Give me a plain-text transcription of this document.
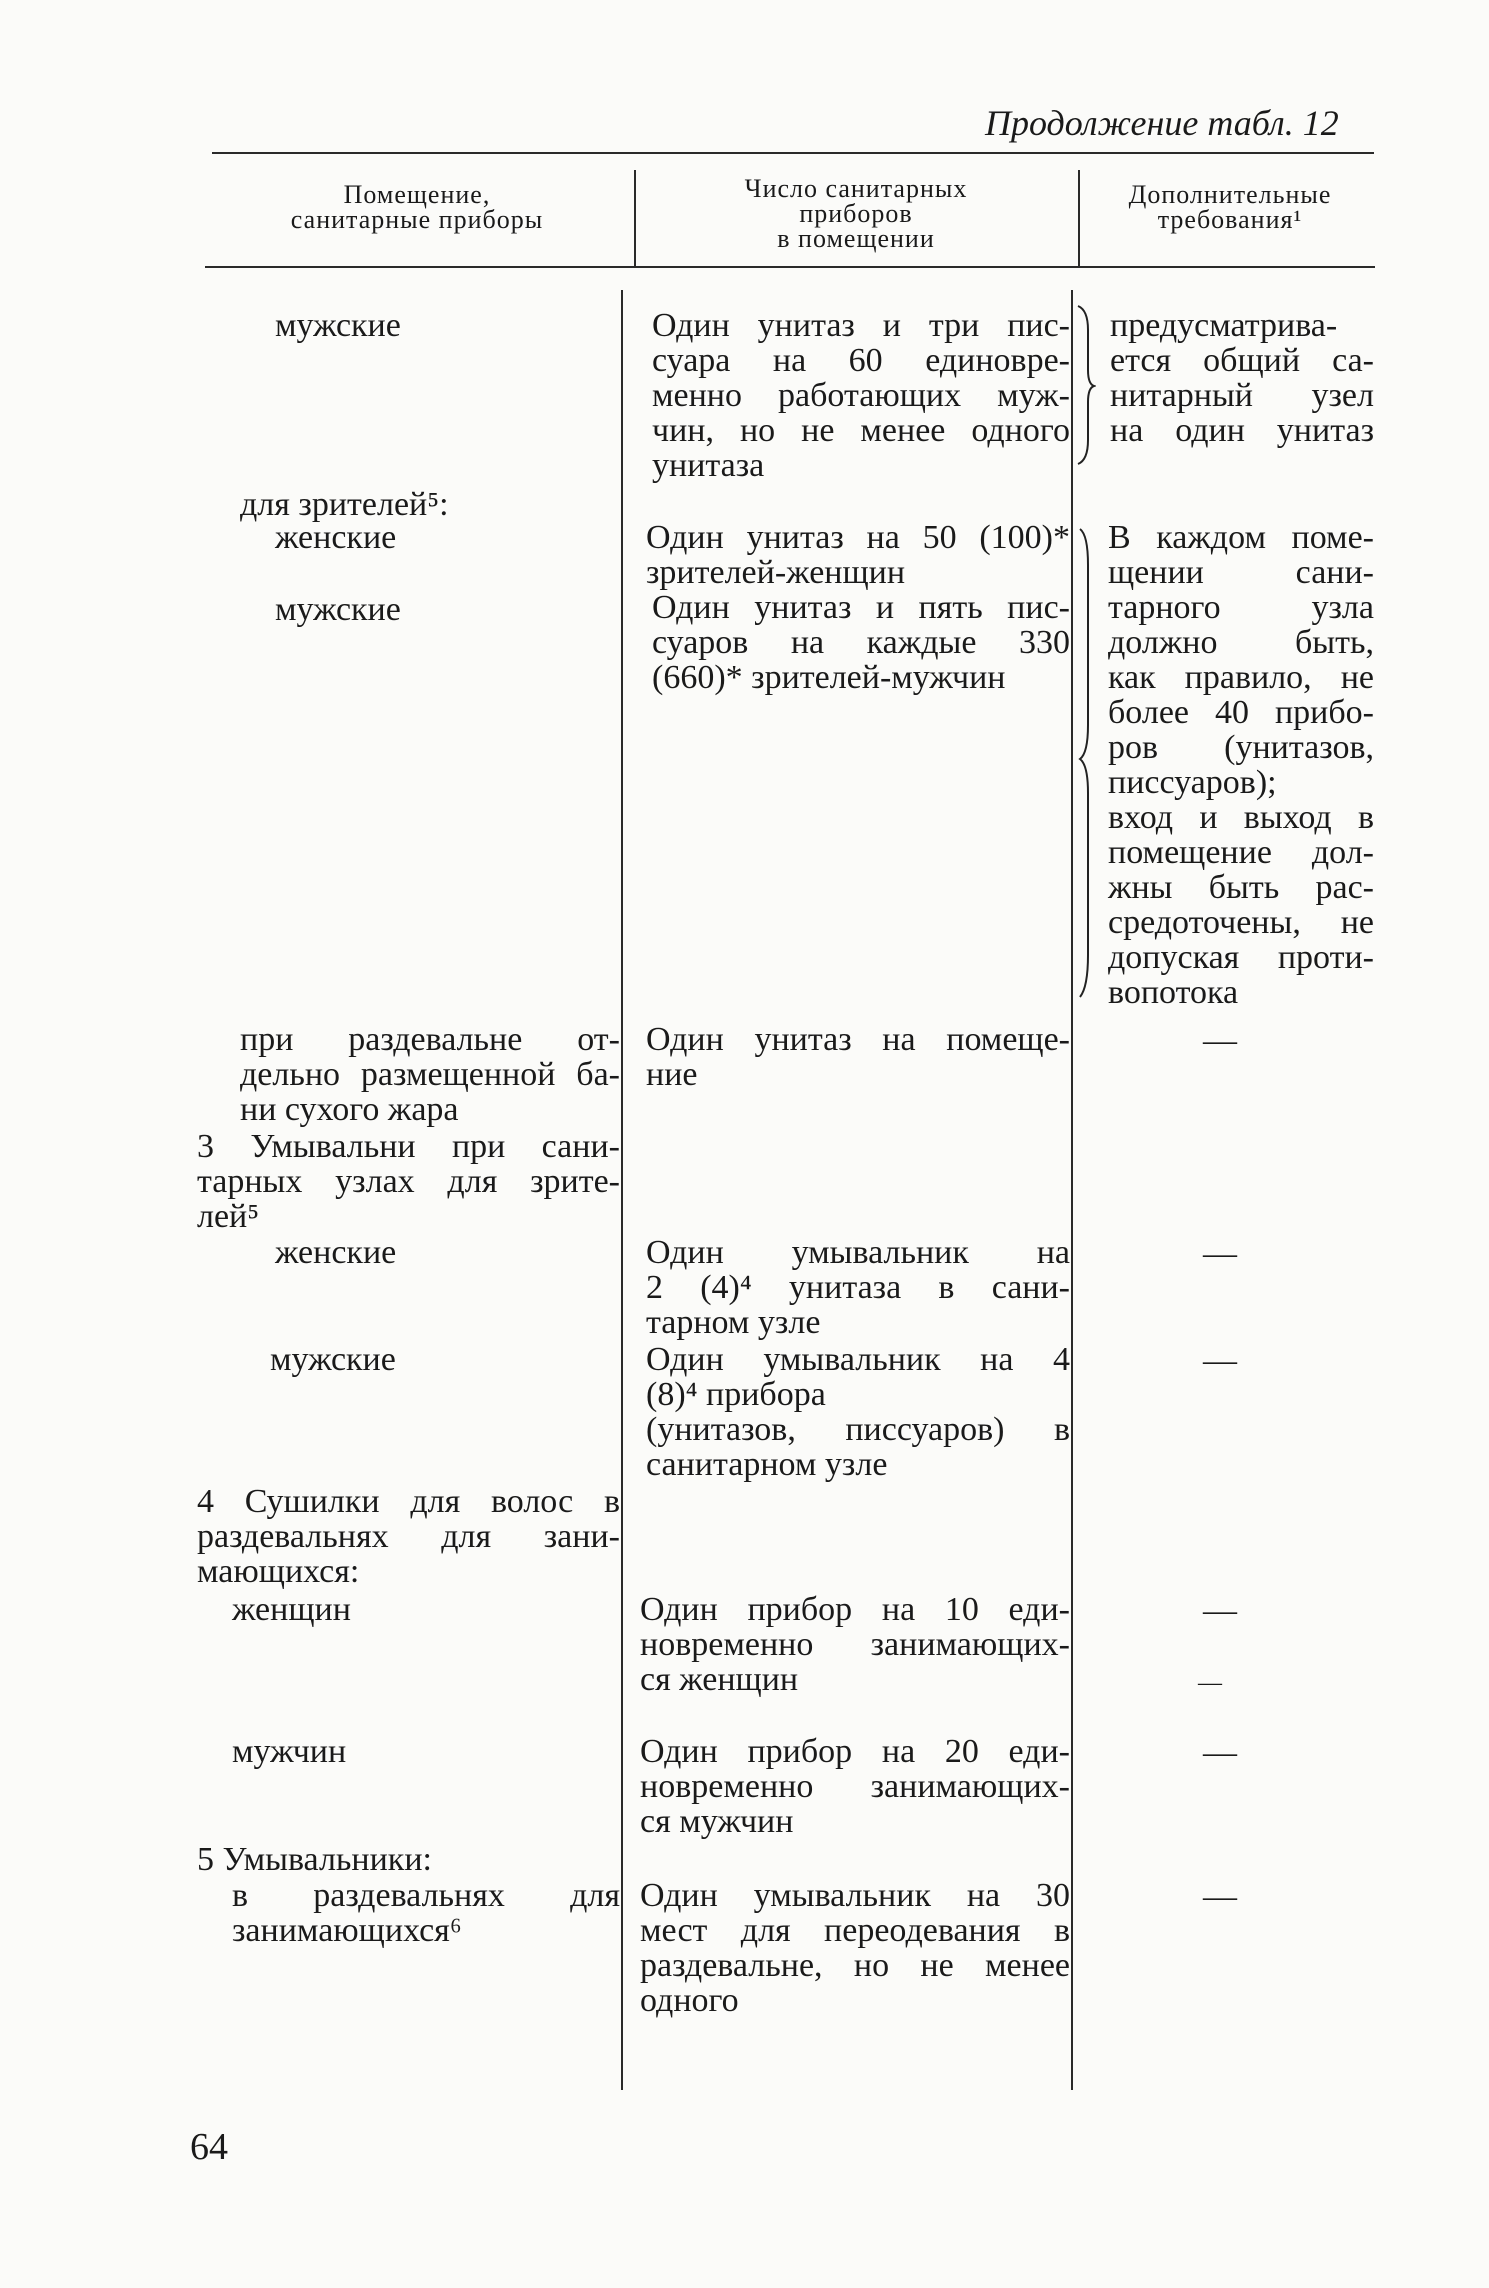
Продолжение табл. 12
Помещение,
санитарные приборы
Число санитарных
приборов
в помещении
Дополнительные
требования¹
мужские
для зрителей⁵:
женские
мужские
при раздевальне от-
дельно размещенной ба-
ни сухого жара
3 Умывальни при сани-
тарных узлах для зрите-
лей⁵
женские
мужские
4 Сушилки для волос в
раздевальнях для зани-
мающихся:
женщин
мужчин
5 Умывальники:
в раздевальнях для
занимающихся⁶
Один унитаз и три пис-
суара на 60 единовре-
менно работающих муж-
чин, но не менее одного
унитаза
Один унитаз на 50 (100)*
зрителей-женщин
Один унитаз и пять пис-
суаров на каждые 330
(660)* зрителей-мужчин
Один унитаз на помеще-
ние
Один умывальник на
2 (4)⁴ унитаза в сани-
тарном узле
Один умывальник на 4
(8)⁴ прибора
(унитазов, писсуаров) в
санитарном узле
Один прибор на 10 еди-
новременно занимающих-
ся женщин
Один прибор на 20 еди-
новременно занимающих-
ся мужчин
Один умывальник на 30
мест для переодевания в
раздевальне, но не менее
одного
предусматрива-
ется общий са-
нитарный узел
на один унитаз
В каждом поме-
щении сани-
тарного узла
должно быть,
как правило, не
более 40 прибо-
ров (унитазов,
писсуаров);
вход и выход в
помещение дол-
жны быть рас-
средоточены, не
допуская проти-
вопотока
—
—
—
—
—
—
—
64
